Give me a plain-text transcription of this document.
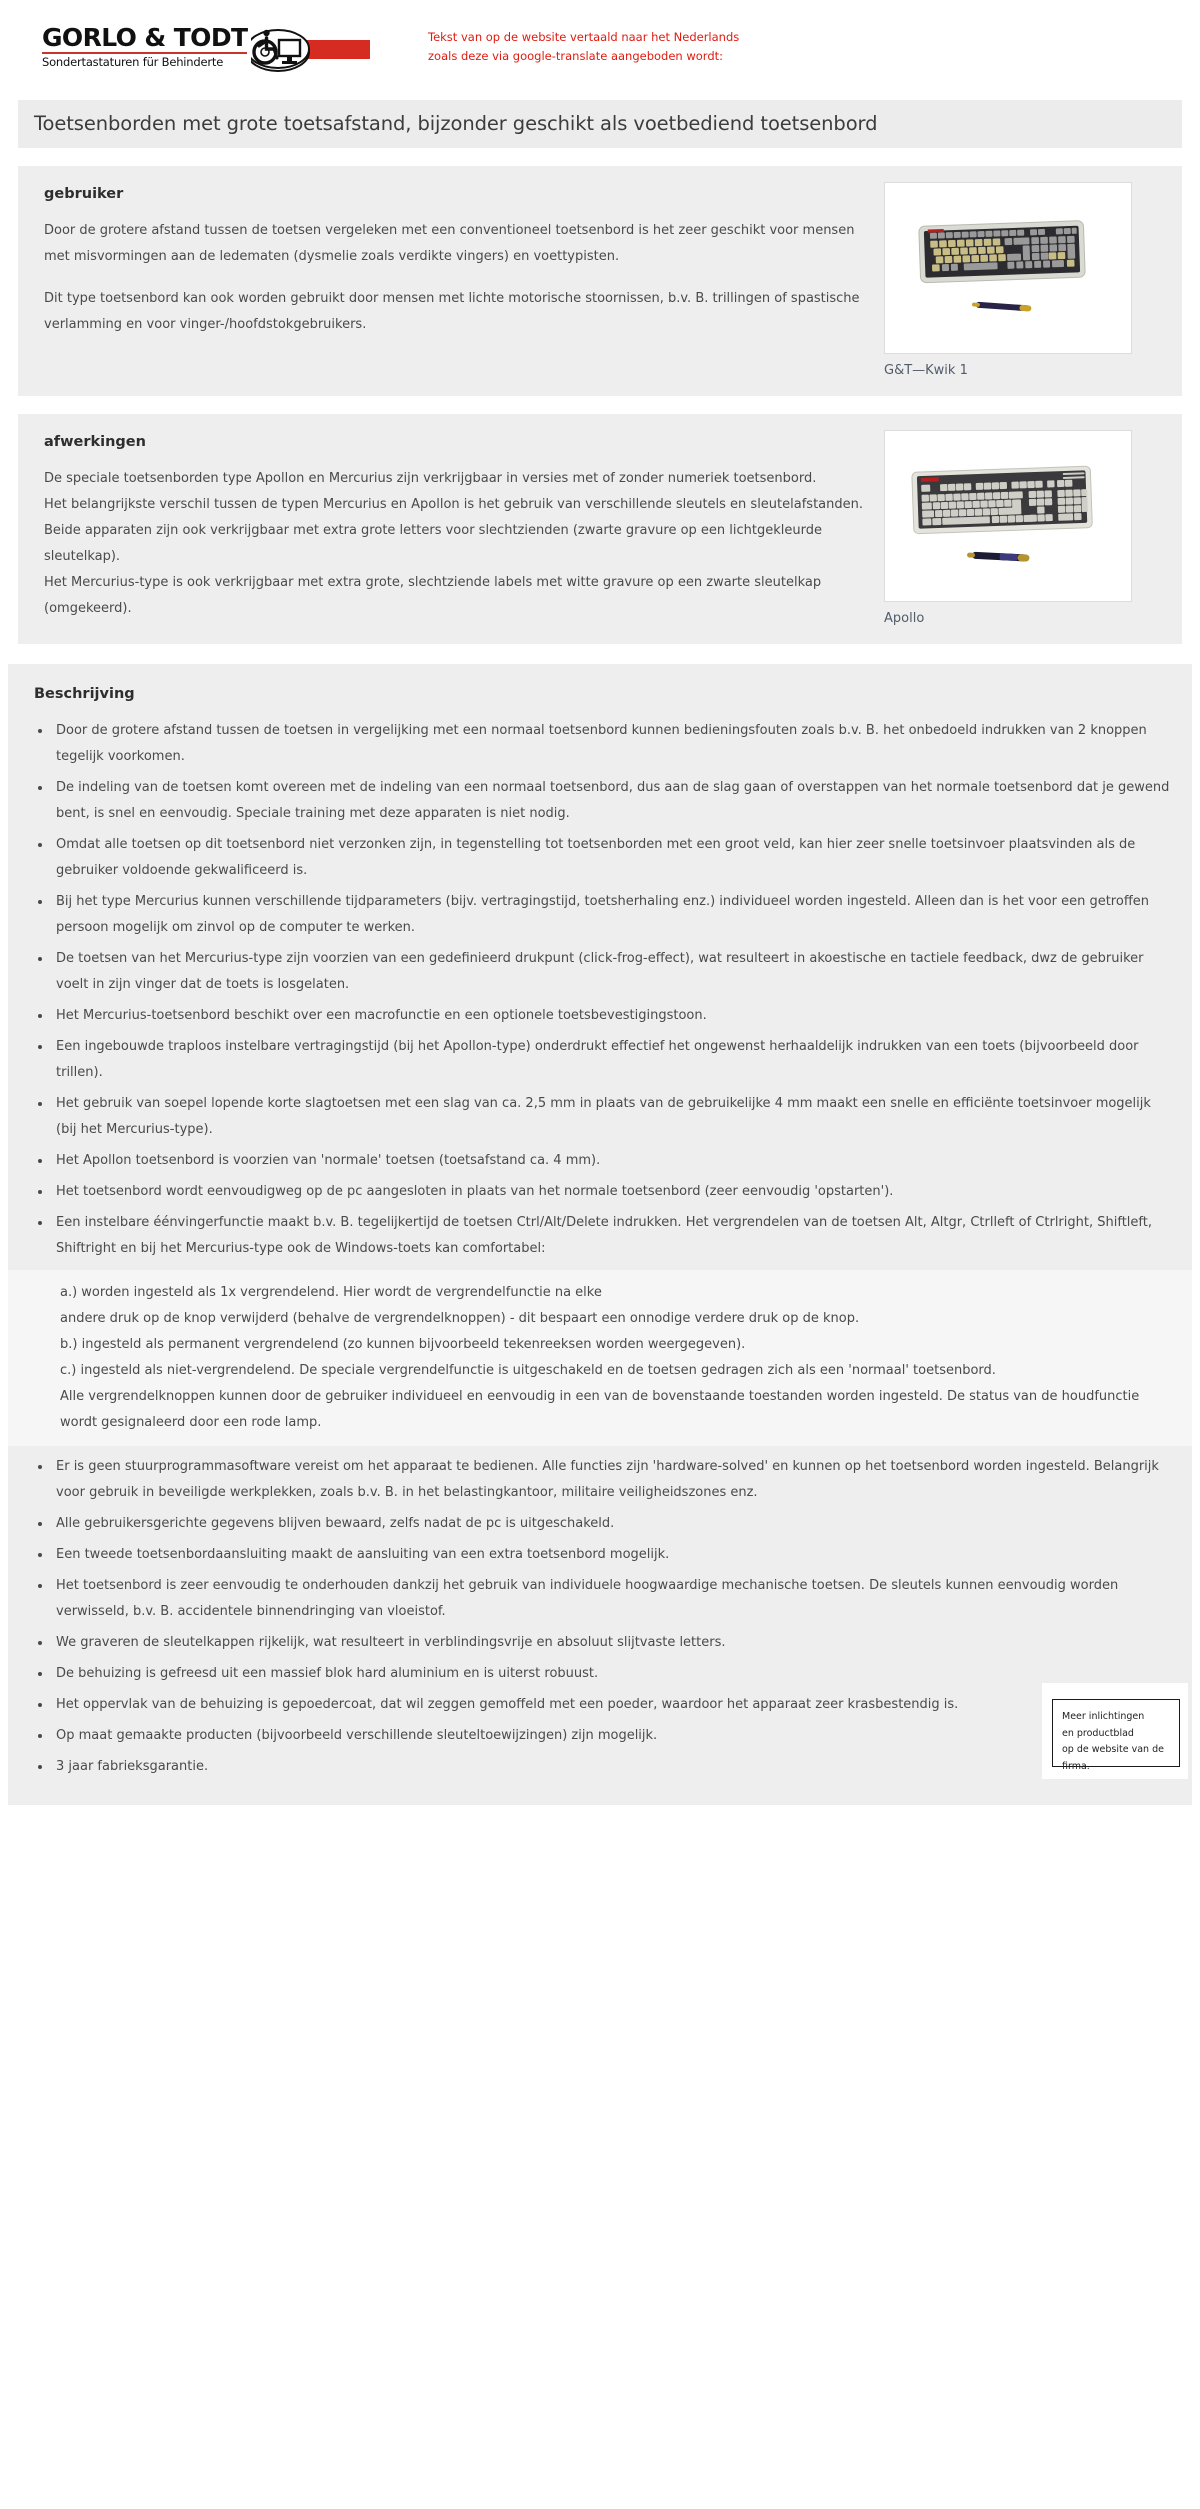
GORLO & TODT
Sondertastaturen für Behinderte
Tekst van op de website vertaald naar het Nederlands
zoals deze via google-translate aangeboden wordt:
Toetsenborden met grote toetsafstand, bijzonder geschikt als voetbediend toetsenbord
gebruiker

Door de grotere afstand tussen de toetsen vergeleken met een conventioneel toetsenbord is het zeer geschikt voor mensen met misvormingen aan de ledematen (dysmelie zoals verdikte vingers) en voettypisten.

Dit type toetsenbord kan ook worden gebruikt door mensen met lichte motorische stoornissen, b.v. B. trillingen of spastische verlamming en voor vinger-/hoofdstokgebruikers.

G&T—Kwik 1
afwerkingen

De speciale toetsenborden type Apollon en Mercurius zijn verkrijgbaar in versies met of zonder numeriek toetsenbord.

Het belangrijkste verschil tussen de typen Mercurius en Apollon is het gebruik van verschillende sleutels en sleutelafstanden.

Beide apparaten zijn ook verkrijgbaar met extra grote letters voor slechtzienden (zwarte gravure op een lichtgekleurde sleutelkap).

Het Mercurius-type is ook verkrijgbaar met extra grote, slechtziende labels met witte gravure op een zwarte sleutelkap (omgekeerd).

Apollo
Beschrijving
Door de grotere afstand tussen de toetsen in vergelijking met een normaal toetsenbord kunnen bedieningsfouten zoals b.v. B. het onbedoeld indrukken van 2 knoppen tegelijk voorkomen.
De indeling van de toetsen komt overeen met de indeling van een normaal toetsenbord, dus aan de slag gaan of overstappen van het normale toetsenbord dat je gewend bent, is snel en eenvoudig. Speciale training met deze apparaten is niet nodig.
Omdat alle toetsen op dit toetsenbord niet verzonken zijn, in tegenstelling tot toetsenborden met een groot veld, kan hier zeer snelle toetsinvoer plaatsvinden als de gebruiker voldoende gekwalificeerd is.
Bij het type Mercurius kunnen verschillende tijdparameters (bijv. vertragingstijd, toetsherhaling enz.) individueel worden ingesteld. Alleen dan is het voor een getroffen persoon mogelijk om zinvol op de computer te werken.
De toetsen van het Mercurius-type zijn voorzien van een gedefinieerd drukpunt (click-frog-effect), wat resulteert in akoestische en tactiele feedback, dwz de gebruiker voelt in zijn vinger dat de toets is losgelaten.
Het Mercurius-toetsenbord beschikt over een macrofunctie en een optionele toetsbevestigingstoon.
Een ingebouwde traploos instelbare vertragingstijd (bij het Apollon-type) onderdrukt effectief het ongewenst herhaaldelijk indrukken van een toets (bijvoorbeeld door trillen).
Het gebruik van soepel lopende korte slagtoetsen met een slag van ca. 2,5 mm in plaats van de gebruikelijke 4 mm maakt een snelle en efficiënte toetsinvoer mogelijk (bij het Mercurius-type).
Het Apollon toetsenbord is voorzien van 'normale' toetsen (toetsafstand ca. 4 mm).
Het toetsenbord wordt eenvoudigweg op de pc aangesloten in plaats van het normale toetsenbord (zeer eenvoudig 'opstarten').
Een instelbare éénvingerfunctie maakt b.v. B. tegelijkertijd de toetsen Ctrl/Alt/Delete indrukken. Het vergrendelen van de toetsen Alt, Altgr, Ctrlleft of Ctrlright, Shiftleft, Shiftright en bij het Mercurius-type ook de Windows-toets kan comfortabel:

a.) worden ingesteld als 1x vergrendelend. Hier wordt de vergrendelfunctie na elke

andere druk op de knop verwijderd (behalve de vergrendelknoppen) - dit bespaart een onnodige verdere druk op de knop.

b.) ingesteld als permanent vergrendelend (zo kunnen bijvoorbeeld tekenreeksen worden weergegeven).

c.) ingesteld als niet-vergrendelend. De speciale vergrendelfunctie is uitgeschakeld en de toetsen gedragen zich als een 'normaal' toetsenbord.

Alle vergrendelknoppen kunnen door de gebruiker individueel en eenvoudig in een van de bovenstaande toestanden worden ingesteld. De status van de houdfunctie wordt gesignaleerd door een rode lamp.

Er is geen stuurprogrammasoftware vereist om het apparaat te bedienen. Alle functies zijn 'hardware-solved' en kunnen op het toetsenbord worden ingesteld. Belangrijk voor gebruik in beveiligde werkplekken, zoals b.v. B. in het belastingkantoor, militaire veiligheidszones enz.
Alle gebruikersgerichte gegevens blijven bewaard, zelfs nadat de pc is uitgeschakeld.
Een tweede toetsenbordaansluiting maakt de aansluiting van een extra toetsenbord mogelijk.
Het toetsenbord is zeer eenvoudig te onderhouden dankzij het gebruik van individuele hoogwaardige mechanische toetsen. De sleutels kunnen eenvoudig worden verwisseld, b.v. B. accidentele binnendringing van vloeistof.
We graveren de sleutelkappen rijkelijk, wat resulteert in verblindingsvrije en absoluut slijtvaste letters.
De behuizing is gefreesd uit een massief blok hard aluminium en is uiterst robuust.
Het oppervlak van de behuizing is gepoedercoat, dat wil zeggen gemoffeld met een poeder, waardoor het apparaat zeer krasbestendig is.
Op maat gemaakte producten (bijvoorbeeld verschillende sleuteltoewijzingen) zijn mogelijk.
3 jaar fabrieksgarantie.
Meer inlichtingen
en productblad
op de website van de firma.
